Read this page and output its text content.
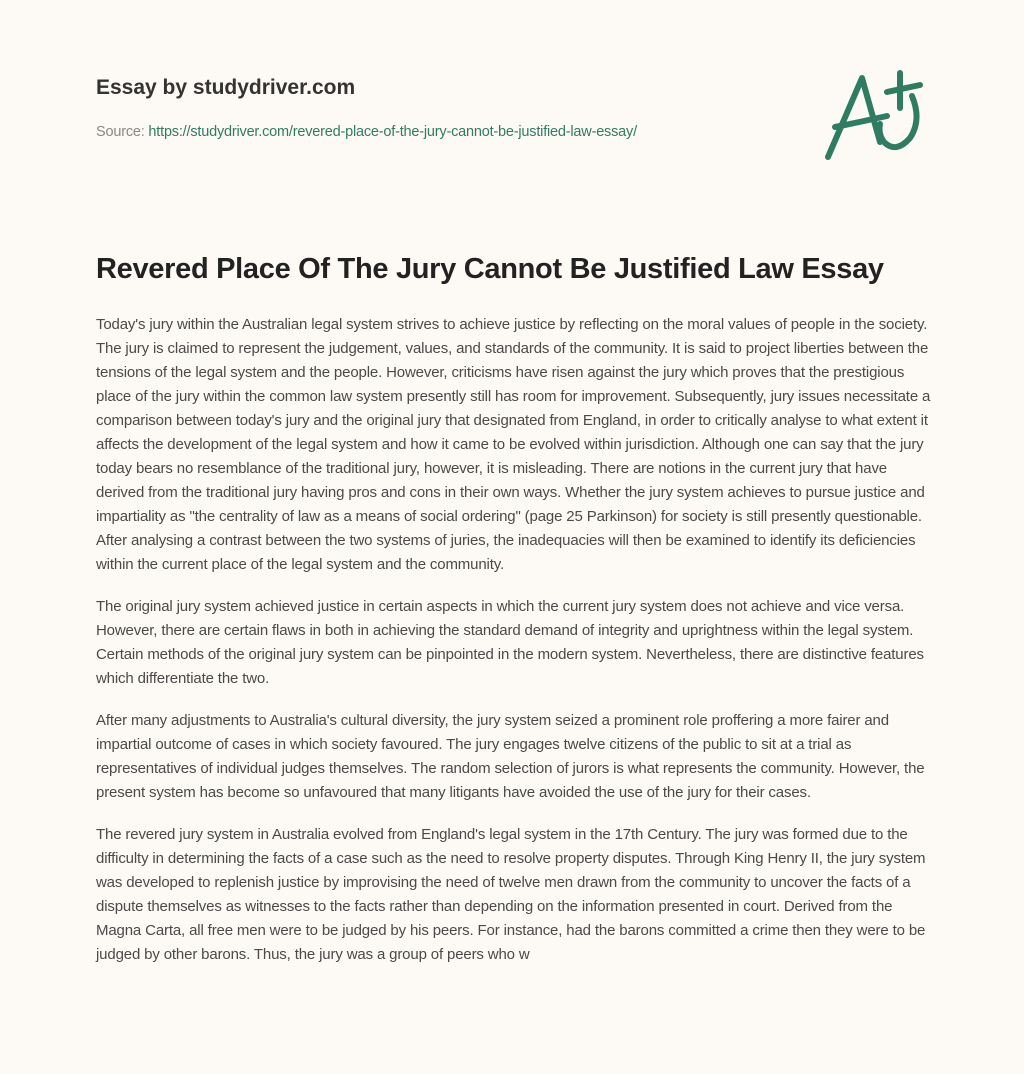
Essay by studydriver.com
Source: https://studydriver.com/revered-place-of-the-jury-cannot-be-justified-law-essay/
Revered Place Of The Jury Cannot Be Justified Law Essay

Today's jury within the Australian legal system strives to achieve justice by reflecting on the moral values of people in the society. The jury is claimed to represent the judgement, values, and standards of the community. It is said to project liberties between the tensions of the legal system and the people. However, criticisms have risen against the jury which proves that the prestigious place of the jury within the common law system presently still has room for improvement. Subsequently, jury issues necessitate a comparison between today's jury and the original jury that designated from England, in order to critically analyse to what extent it affects the development of the legal system and how it came to be evolved within jurisdiction. Although one can say that the jury today bears no resemblance of the traditional jury, however, it is misleading. There are notions in the current jury that have derived from the traditional jury having pros and cons in their own ways. Whether the jury system achieves to pursue justice and impartiality as "the centrality of law as a means of social ordering" (page 25 Parkinson) for society is still presently questionable. After analysing a contrast between the two systems of juries, the inadequacies will then be examined to identify its deficiencies within the current place of the legal system and the community.

The original jury system achieved justice in certain aspects in which the current jury system does not achieve and vice versa. However, there are certain flaws in both in achieving the standard demand of integrity and uprightness within the legal system. Certain methods of the original jury system can be pinpointed in the modern system. Nevertheless, there are distinctive features which differentiate the two.

After many adjustments to Australia's cultural diversity, the jury system seized a prominent role proffering a more fairer and impartial outcome of cases in which society favoured. The jury engages twelve citizens of the public to sit at a trial as representatives of individual judges themselves. The random selection of jurors is what represents the community. However, the present system has become so unfavoured that many litigants have avoided the use of the jury for their cases.

The revered jury system in Australia evolved from England's legal system in the 17th Century. The jury was formed due to the difficulty in determining the facts of a case such as the need to resolve property disputes. Through King Henry II, the jury system was developed to replenish justice by improvising the need of twelve men drawn from the community to uncover the facts of a dispute themselves as witnesses to the facts rather than depending on the information presented in court. Derived from the Magna Carta, all free men were to be judged by his peers. For instance, had the barons committed a crime then they were to be judged by other barons. Thus, the jury was a group of peers who w
